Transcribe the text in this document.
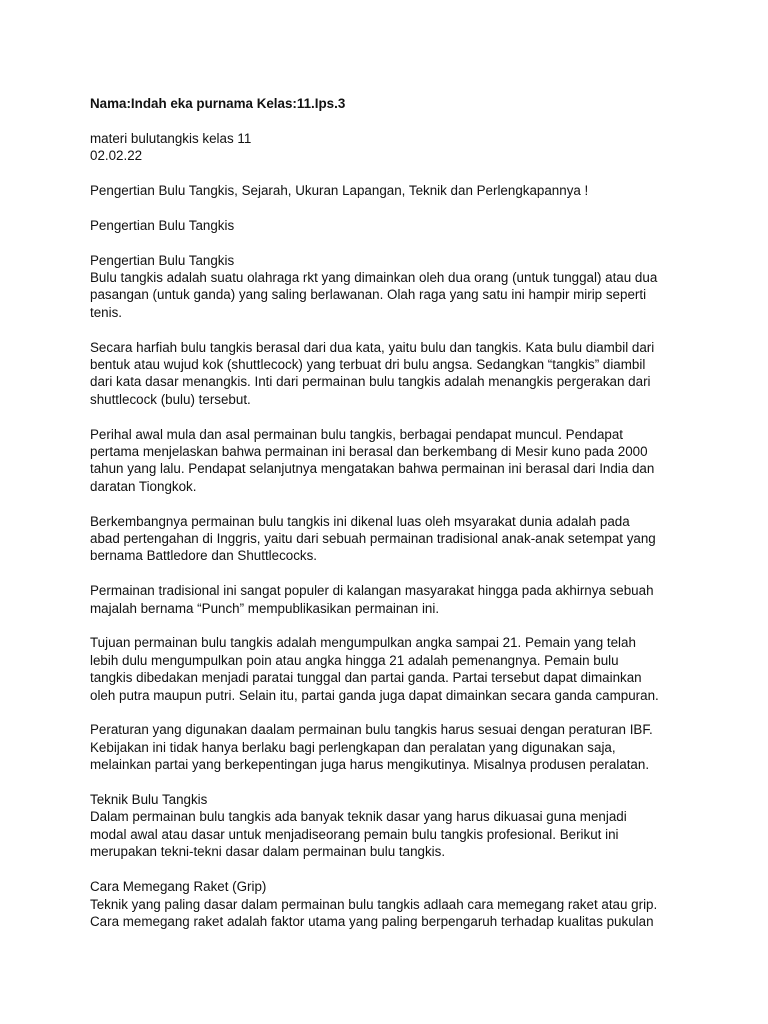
Nama:Indah eka purnama Kelas:11.Ips.3
materi bulutangkis kelas 11
02.02.22
Pengertian Bulu Tangkis, Sejarah, Ukuran Lapangan, Teknik dan Perlengkapannya !
Pengertian Bulu Tangkis
Pengertian Bulu Tangkis
Bulu tangkis adalah suatu olahraga rkt yang dimainkan oleh dua orang (untuk tunggal) atau dua
pasangan (untuk ganda) yang saling berlawanan. Olah raga yang satu ini hampir mirip seperti
tenis.
Secara harfiah bulu tangkis berasal dari dua kata, yaitu bulu dan tangkis. Kata bulu diambil dari
bentuk atau wujud kok (shuttlecock) yang terbuat dri bulu angsa. Sedangkan “tangkis” diambil
dari kata dasar menangkis. Inti dari permainan bulu tangkis adalah menangkis pergerakan dari
shuttlecock (bulu) tersebut.
Perihal awal mula dan asal permainan bulu tangkis, berbagai pendapat muncul. Pendapat
pertama menjelaskan bahwa permainan ini berasal dan berkembang di Mesir kuno pada 2000
tahun yang lalu. Pendapat selanjutnya mengatakan bahwa permainan ini berasal dari India dan
daratan Tiongkok.
Berkembangnya permainan bulu tangkis ini dikenal luas oleh msyarakat dunia adalah pada
abad pertengahan di Inggris, yaitu dari sebuah permainan tradisional anak-anak setempat yang
bernama Battledore dan Shuttlecocks.
Permainan tradisional ini sangat populer di kalangan masyarakat hingga pada akhirnya sebuah
majalah bernama “Punch” mempublikasikan permainan ini.
Tujuan permainan bulu tangkis adalah mengumpulkan angka sampai 21. Pemain yang telah
lebih dulu mengumpulkan poin atau angka hingga 21 adalah pemenangnya. Pemain bulu
tangkis dibedakan menjadi paratai tunggal dan partai ganda. Partai tersebut dapat dimainkan
oleh putra maupun putri. Selain itu, partai ganda juga dapat dimainkan secara ganda campuran.
Peraturan yang digunakan daalam permainan bulu tangkis harus sesuai dengan peraturan IBF.
Kebijakan ini tidak hanya berlaku bagi perlengkapan dan peralatan yang digunakan saja,
melainkan partai yang berkepentingan juga harus mengikutinya. Misalnya produsen peralatan.
Teknik Bulu Tangkis
Dalam permainan bulu tangkis ada banyak teknik dasar yang harus dikuasai guna menjadi
modal awal atau dasar untuk menjadiseorang pemain bulu tangkis profesional. Berikut ini
merupakan tekni-tekni dasar dalam permainan bulu tangkis.
Cara Memegang Raket (Grip)
Teknik yang paling dasar dalam permainan bulu tangkis adlaah cara memegang raket atau grip.
Cara memegang raket adalah faktor utama yang paling berpengaruh terhadap kualitas pukulan
